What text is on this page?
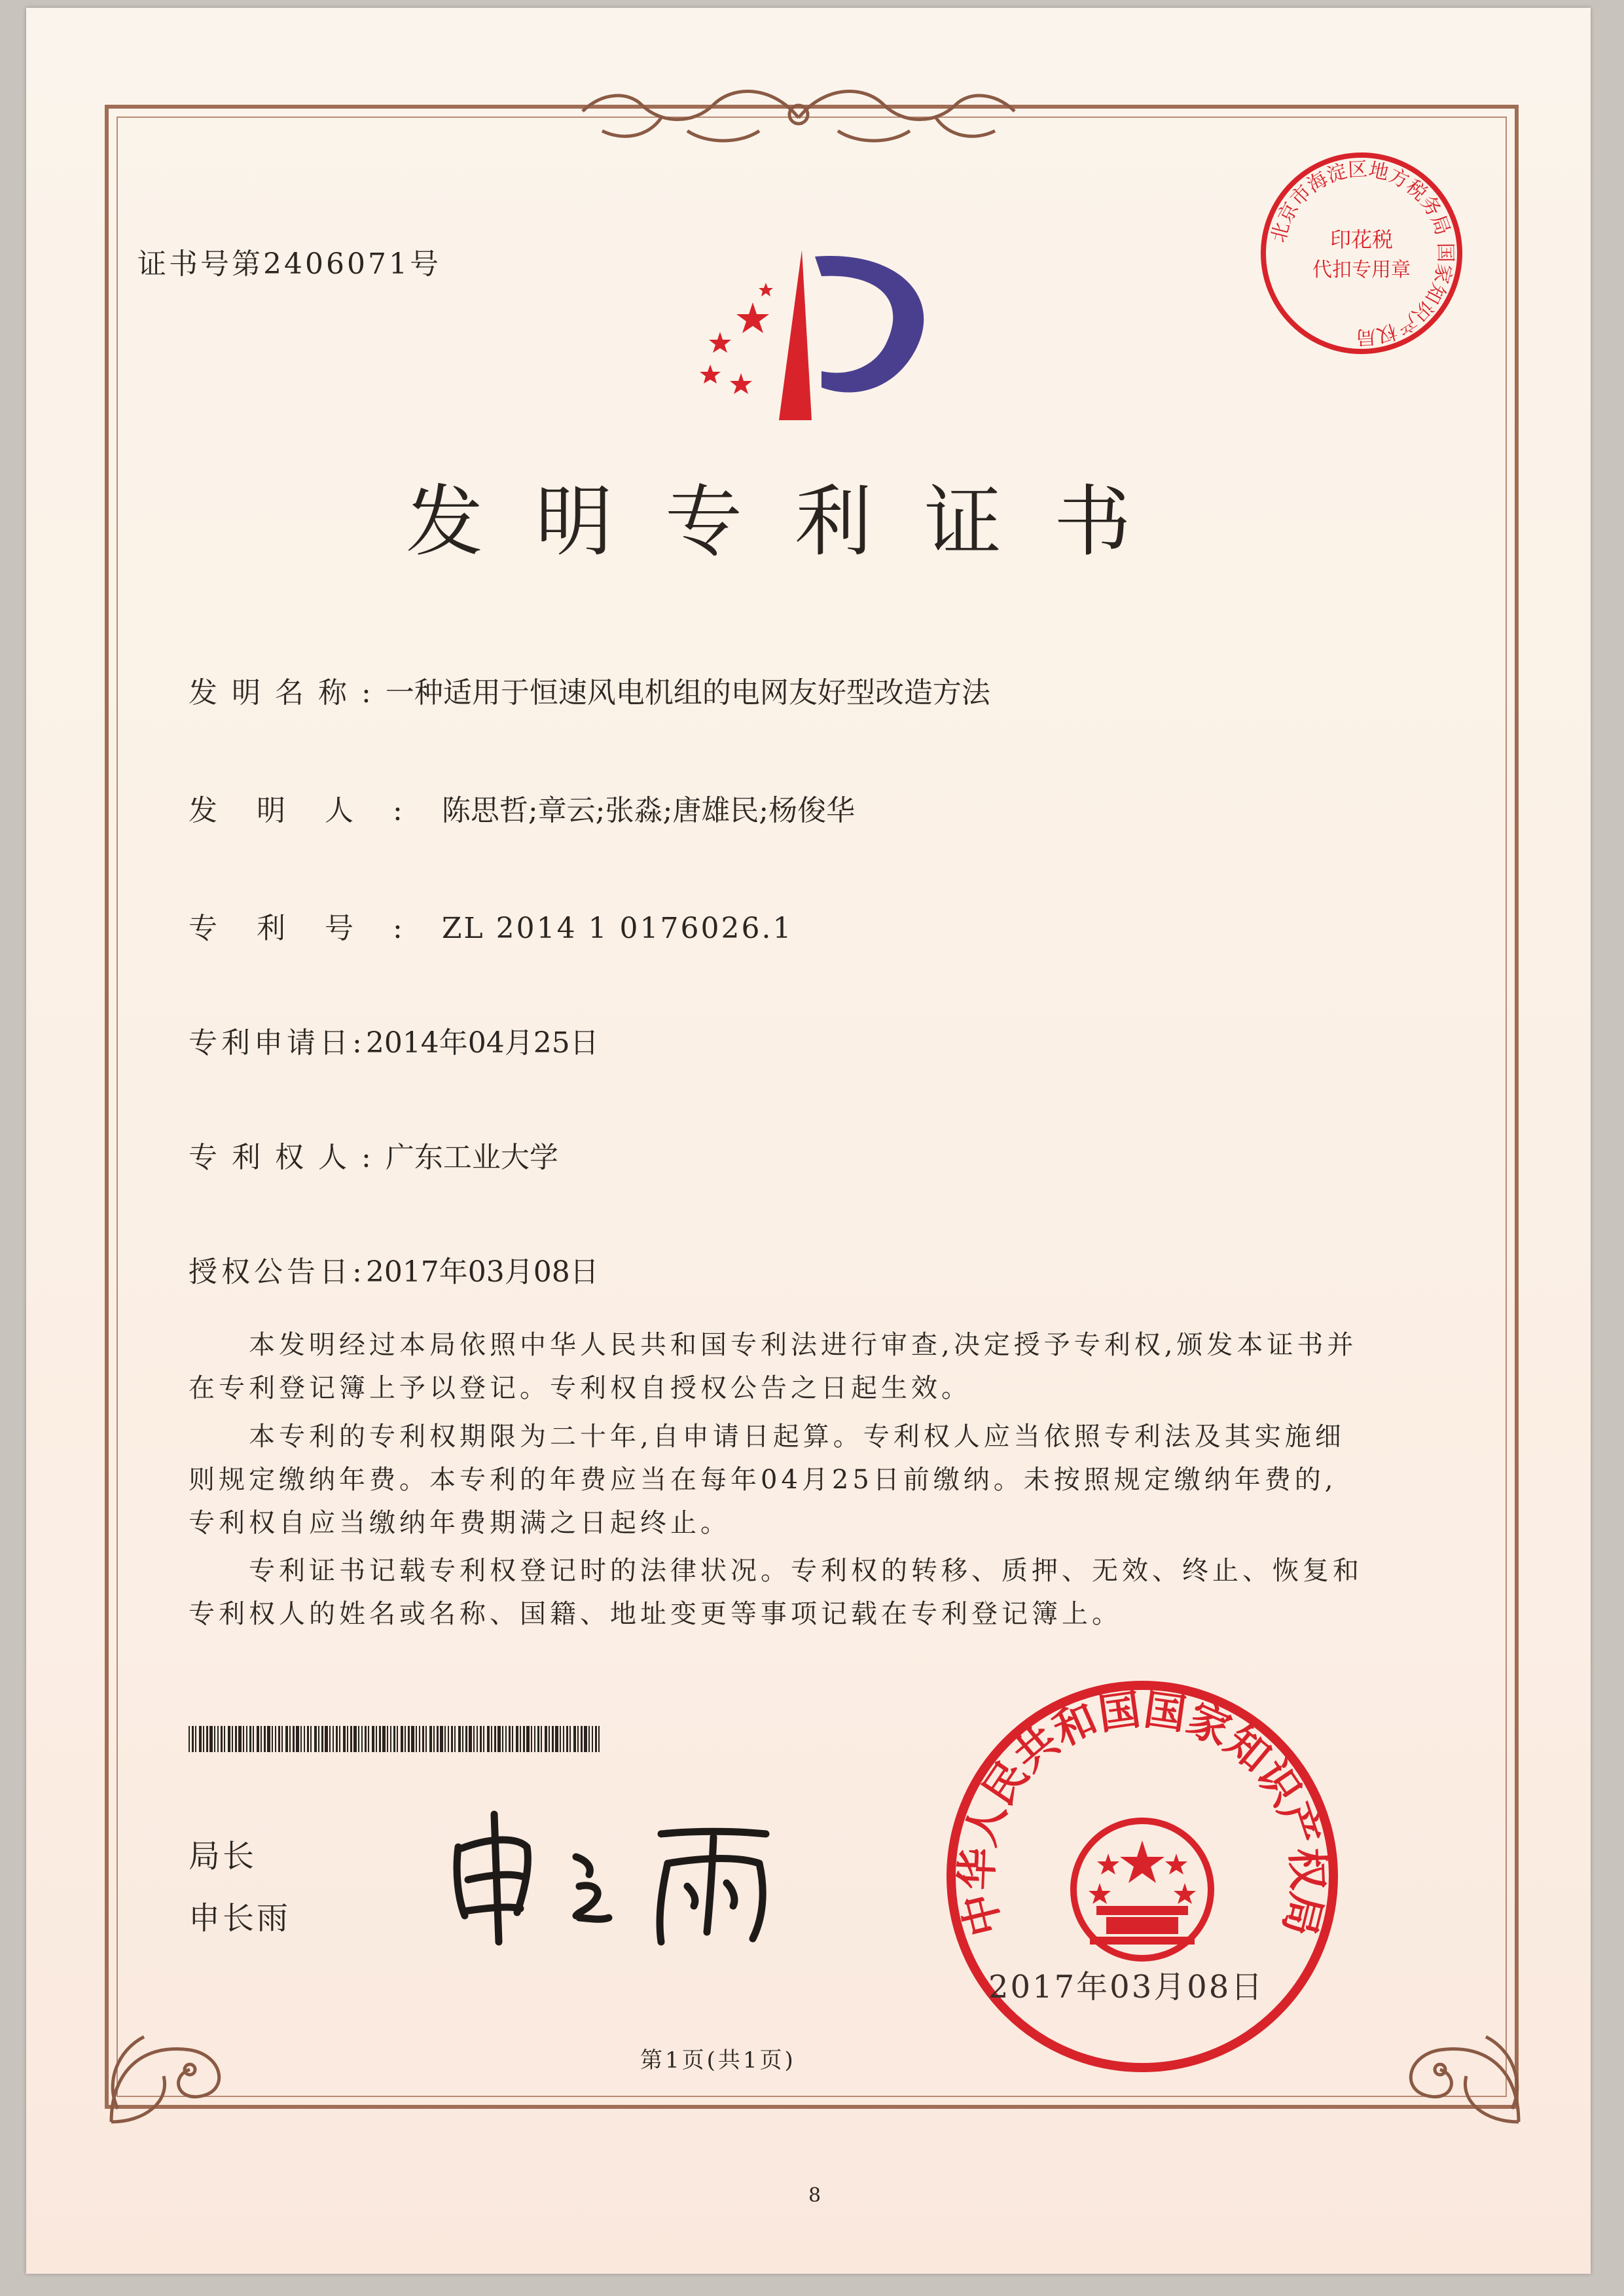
证书号第2406071号
北京市海淀区地方税务局 国家知识产权局
印花税
代扣专用章
发明专利证书
发明名称:一种适用于恒速风电机组的电网友好型改造方法
发明人:陈思哲;章云;张淼;唐雄民;杨俊华
专利号:ZL 2014 1 0176026.1
专利申请日:2014年04月25日
专利权人:广东工业大学
授权公告日:2017年03月08日

本发明经过本局依照中华人民共和国专利法进行审查,决定授予专利权,颁发本证书并在专利登记簿上予以登记。专利权自授权公告之日起生效。

本专利的专利权期限为二十年,自申请日起算。专利权人应当依照专利法及其实施细则规定缴纳年费。本专利的年费应当在每年04月25日前缴纳。未按照规定缴纳年费的,专利权自应当缴纳年费期满之日起终止。

专利证书记载专利权登记时的法律状况。专利权的转移、质押、无效、终止、恢复和专利权人的姓名或名称、国籍、地址变更等事项记载在专利登记簿上。

局长
申长雨	中华人民共和国国家知识产权局
2017年03月08日
第1页(共1页)
8
